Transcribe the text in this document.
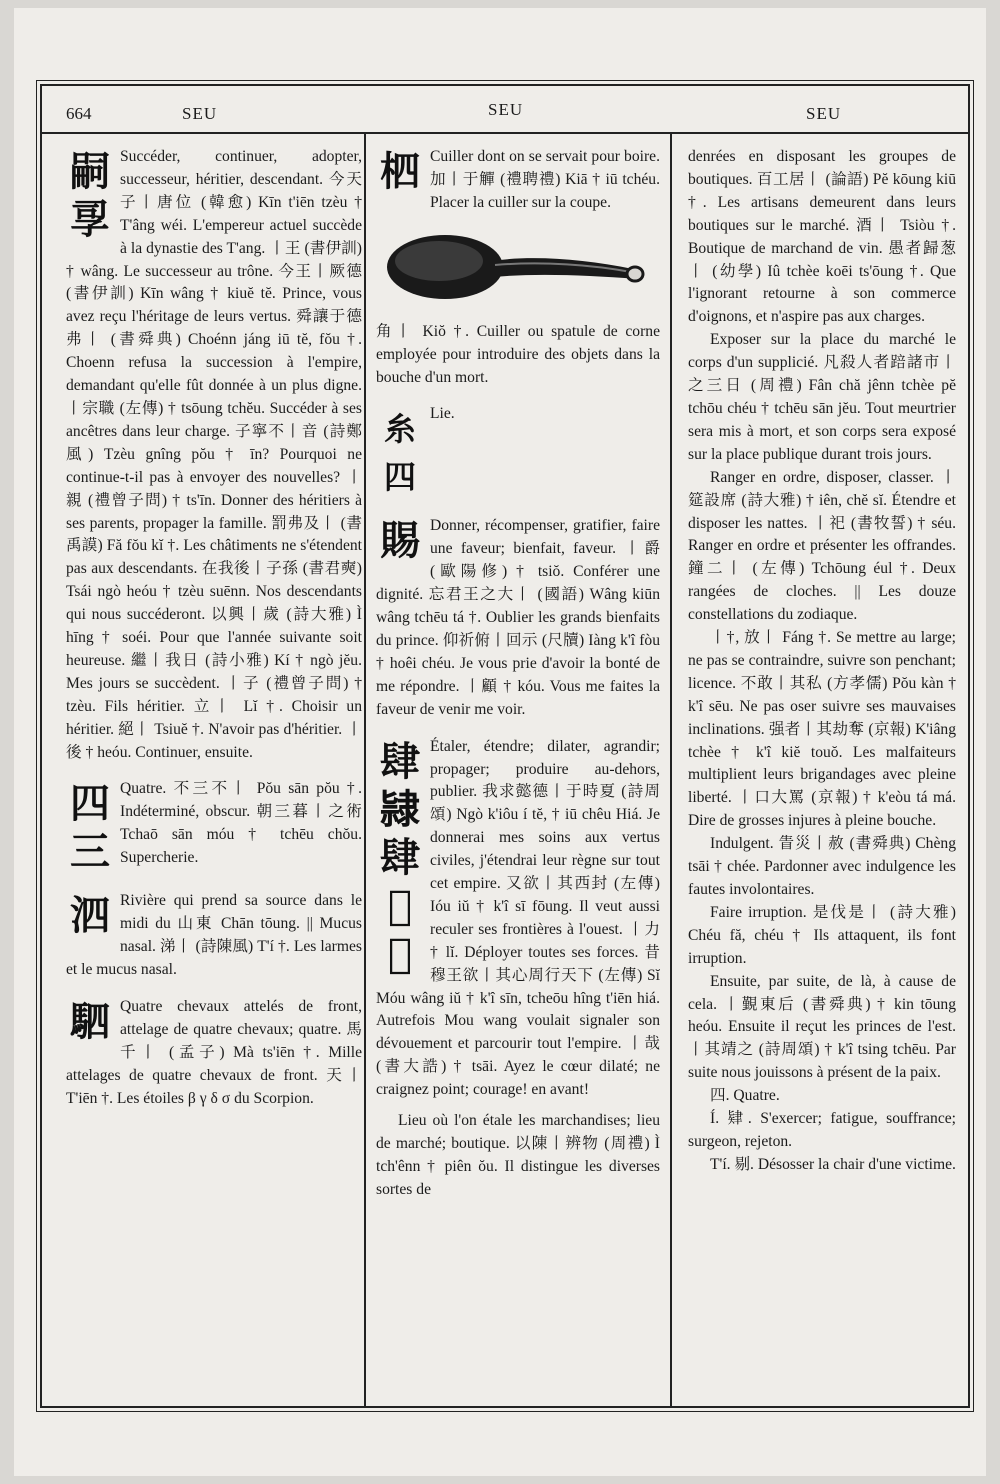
664	SEU	SEU	SEU
嗣
孠

Succéder, continuer, adopter, successeur, héritier, descendant. 今天子丨唐位 (韓愈) Kīn t'iēn tzèu † T'âng wéi. L'empereur actuel succède à la dynastie des T'ang. 丨王 (書伊訓) † wâng. Le successeur au trône. 今王丨厥德 (書伊訓) Kīn wâng † kiuĕ tĕ. Prince, vous avez reçu l'héritage de leurs vertus. 舜讓于德弗丨 (書舜典) Choénn jáng iū tĕ, fŏu †. Choenn refusa la succession à l'empire, demandant qu'elle fût donnée à un plus digne. 丨宗職 (左傳) † tsōung tchĕu. Succéder à ses ancêtres dans leur charge. 子寧不丨音 (詩鄭風) Tzèu gnîng pŏu † īn? Pourquoi ne continue-t-il pas à envoyer des nouvelles? 丨親 (禮曾子問) † ts'īn. Donner des héritiers à ses parents, propager la famille. 罰弗及丨 (書禹謨) Fă fŏu kĭ †. Les châtiments ne s'étendent pas aux descendants. 在我後丨子孫 (書君奭) Tsái ngò heóu † tzèu suēnn. Nos descendants qui nous succéderont. 以興丨歲 (詩大雅) Ì hīng † soéi. Pour que l'année suivante soit heureuse. 繼丨我日 (詩小雅) Kí † ngò jĕu. Mes jours se succèdent. 丨子 (禮曾子問) † tzèu. Fils héritier. 立丨 Lĭ †. Choisir un héritier. 絕丨 Tsiuĕ †. N'avoir pas d'héritier. 丨後 † heóu. Continuer, ensuite.

四
三

Quatre. 不三不丨 Pŏu sān pŏu †. Indéterminé, obscur. 朝三暮丨之術 Tchaō sān móu † tchēu chŏu. Supercherie.

泗 Rivière qui prend sa source dans le midi du 山東 Chān tōung. || Mucus nasal. 涕丨 (詩陳風) T'í †. Les larmes et le mucus nasal.

駟 Quatre chevaux attelés de front, attelage de quatre chevaux; quatre. 馬千丨 (孟子) Mà ts'iēn †. Mille attelages de quatre chevaux de front. 天丨 T'iēn †. Les étoiles β γ δ σ du Scorpion.

柶 Cuiller dont on se servait pour boire. 加丨于觶 (禮聘禮) Kiā † iū tchéu. Placer la cuiller sur la coupe.

角丨 Kiŏ †. Cuiller ou spatule de corne employée pour introduire des objets dans la bouche d'un mort.

糸四

Lie.

賜 Donner, récompenser, gratifier, faire une faveur; bienfait, faveur. 丨爵 (歐陽修) † tsiŏ. Conférer une dignité. 忘君王之大丨 (國語) Wâng kiūn wâng tchēu tá †. Oublier les grands bienfaits du prince. 仰祈俯丨回示 (尺牘) Iàng k'î fòu † hoêi chéu. Je vous prie d'avoir la bonté de me répondre. 丨顧 † kóu. Vous me faites la faveur de venir me voir.

肆
𨽻
肆
𩬓
𩬓

Étaler, étendre; dilater, agrandir; propager; produire au-dehors, publier. 我求懿德丨于時夏 (詩周頌) Ngò k'iôu í tĕ, † iū chêu Hiá. Je donnerai mes soins aux vertus civiles, j'étendrai leur règne sur tout cet empire. 又欲丨其西封 (左傳) Ióu iŭ † k'î sī fōung. Il veut aussi reculer ses frontières à l'ouest. 丨力 † lĭ. Déployer toutes ses forces. 昔穆王欲丨其心周行天下 (左傳) Sĭ Móu wâng iŭ † k'î sīn, tcheōu hîng t'iēn hiá. Autrefois Mou wang voulait signaler son dévouement et parcourir tout l'empire. 丨哉 (書大誥) † tsāi. Ayez le cœur dilaté; ne craignez point; courage! en avant!

Lieu où l'on étale les marchandises; lieu de marché; boutique. 以陳丨辨物 (周禮) Ì tch'ênn † piên ŏu. Il distingue les diverses sortes de

denrées en disposant les groupes de boutiques. 百工居丨 (論語) Pĕ kōung kiū †. Les artisans demeurent dans leurs boutiques sur le marché. 酒丨 Tsiòu †. Boutique de marchand de vin. 愚者歸葱丨 (幼學) Iû tchèe koēi ts'ōung †. Que l'ignorant retourne à son commerce d'oignons, et n'aspire pas aux charges.

Exposer sur la place du marché le corps d'un supplicié. 凡殺人者踣諸市丨之三日 (周禮) Fân chă jênn tchèe pĕ tchōu chéu † tchēu sān jĕu. Tout meurtrier sera mis à mort, et son corps sera exposé sur la place publique durant trois jours.

Ranger en ordre, disposer, classer. 丨筵設席 (詩大雅) † iên, chĕ sĭ. Étendre et disposer les nattes. 丨祀 (書牧誓) † séu. Ranger en ordre et présenter les offrandes. 鐘二丨 (左傳) Tchōung éul †. Deux rangées de cloches. || Les douze constellations du zodiaque.

丨†, 放丨 Fáng †. Se mettre au large; ne pas se contraindre, suivre son penchant; licence. 不敢丨其私 (方孝儒) Pŏu kàn † k'î sēu. Ne pas oser suivre ses mauvaises inclinations. 强者丨其劫奪 (京報) K'iâng tchèe † k'î kiĕ touŏ. Les malfaiteurs multiplient leurs brigandages avec pleine liberté. 丨口大罵 (京報) † k'eòu tá má. Dire de grosses injures à pleine bouche.

Indulgent. 眚災丨赦 (書舜典) Chèng tsāi † chée. Pardonner avec indulgence les fautes involontaires.

Faire irruption. 是伐是丨 (詩大雅) Chéu fă, chéu † Ils attaquent, ils font irruption.

Ensuite, par suite, de là, à cause de cela. 丨覲東后 (書舜典) † kin tōung heóu. Ensuite il reçut les princes de l'est. 丨其靖之 (詩周頌) † k'î tsing tchēu. Par suite nous jouissons à présent de la paix.

四. Quatre.

Í. 肄. S'exercer; fatigue, souffrance; surgeon, rejeton.

T'í. 剔. Désosser la chair d'une victime.
